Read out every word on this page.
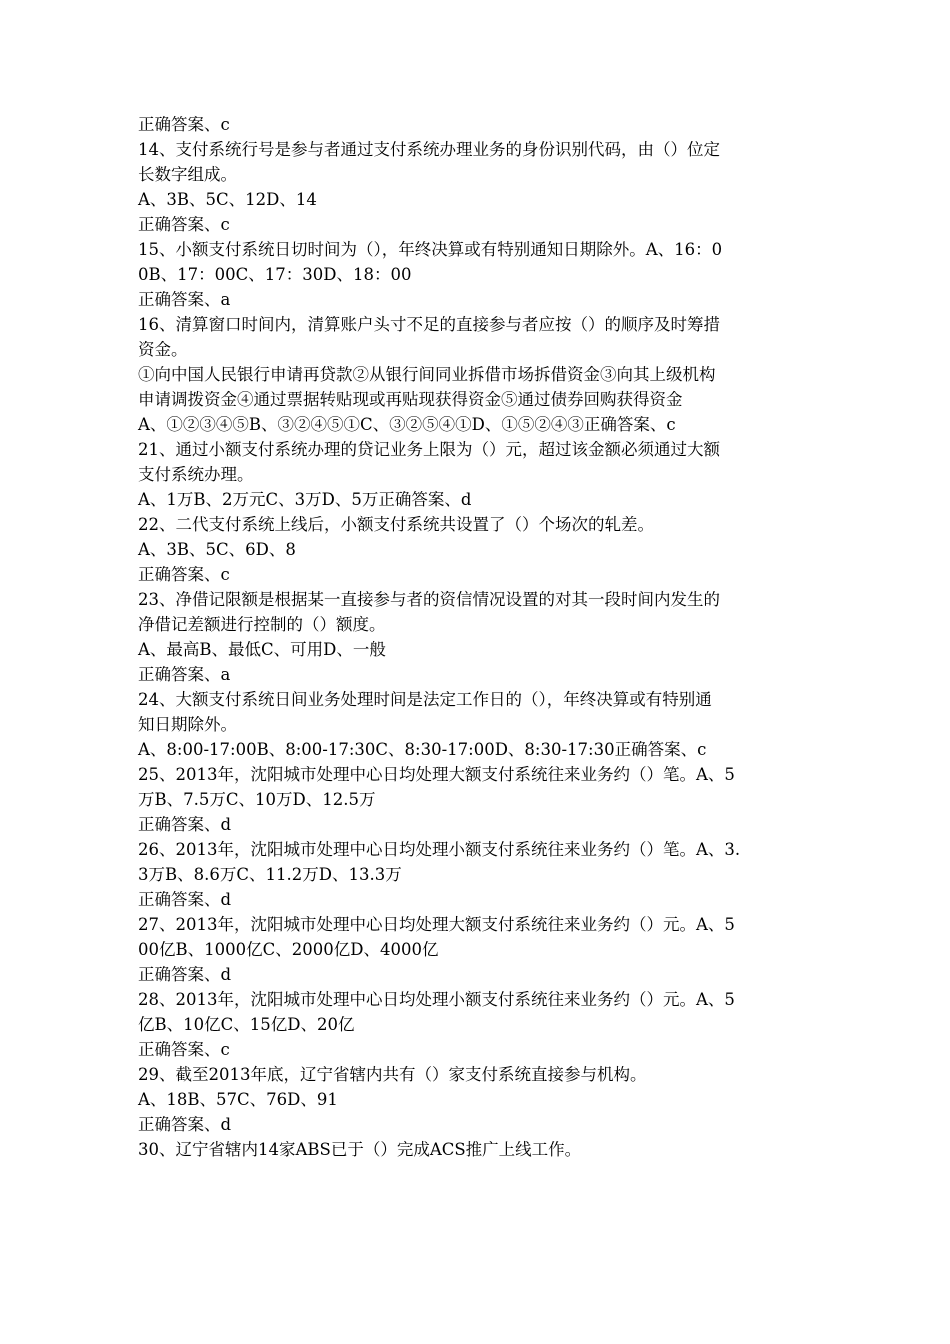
正确答案、c
14、支付系统行号是参与者通过支付系统办理业务的身份识别代码，由（）位定
长数字组成。
A、3B、5C、12D、14
正确答案、c
15、小额支付系统日切时间为（），年终决算或有特别通知日期除外。A、16：0
0B、17：00C、17：30D、18：00
正确答案、a
16、清算窗口时间内，清算账户头寸不足的直接参与者应按（）的顺序及时筹措
资金。
①向中国人民银行申请再贷款②从银行间同业拆借市场拆借资金③向其上级机构
申请调拨资金④通过票据转贴现或再贴现获得资金⑤通过债券回购获得资金
A、①②③④⑤B、③②④⑤①C、③②⑤④①D、①⑤②④③正确答案、c
21、通过小额支付系统办理的贷记业务上限为（）元，超过该金额必须通过大额
支付系统办理。
A、1万B、2万元C、3万D、5万正确答案、d
22、二代支付系统上线后，小额支付系统共设置了（）个场次的轧差。
A、3B、5C、6D、8
正确答案、c
23、净借记限额是根据某一直接参与者的资信情况设置的对其一段时间内发生的
净借记差额进行控制的（）额度。
A、最高B、最低C、可用D、一般
正确答案、a
24、大额支付系统日间业务处理时间是法定工作日的（），年终决算或有特别通
知日期除外。
A、8:00-17:00B、8:00-17:30C、8:30-17:00D、8:30-17:30正确答案、c
25、2013年，沈阳城市处理中心日均处理大额支付系统往来业务约（）笔。A、5
万B、7.5万C、10万D、12.5万
正确答案、d
26、2013年，沈阳城市处理中心日均处理小额支付系统往来业务约（）笔。A、3.
3万B、8.6万C、11.2万D、13.3万
正确答案、d
27、2013年，沈阳城市处理中心日均处理大额支付系统往来业务约（）元。A、5
00亿B、1000亿C、2000亿D、4000亿
正确答案、d
28、2013年，沈阳城市处理中心日均处理小额支付系统往来业务约（）元。A、5
亿B、10亿C、15亿D、20亿
正确答案、c
29、截至2013年底，辽宁省辖内共有（）家支付系统直接参与机构。
A、18B、57C、76D、91
正确答案、d
30、辽宁省辖内14家ABS已于（）完成ACS推广上线工作。
